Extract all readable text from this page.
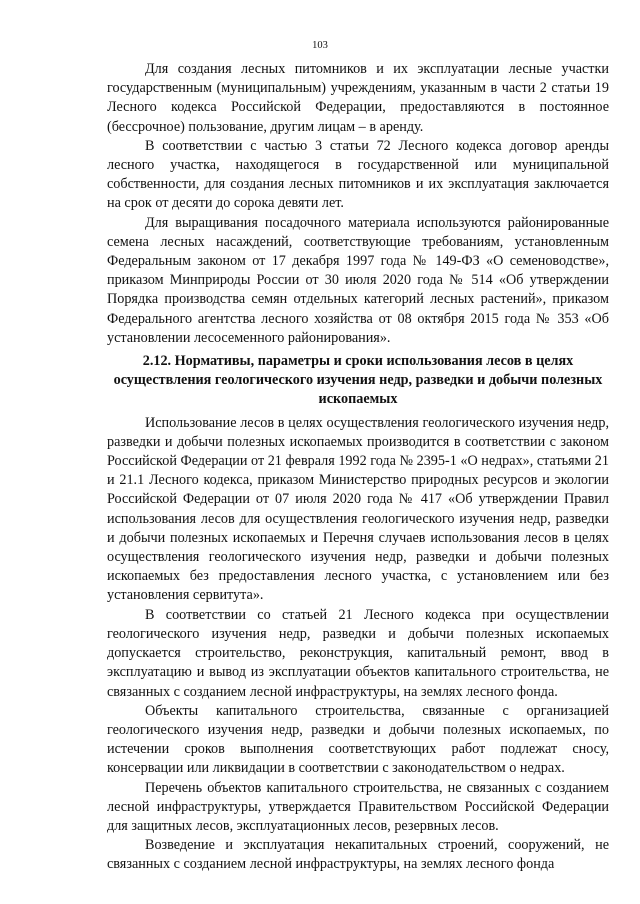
103

Для создания лесных питомников и их эксплуатации лесные участки государственным (муниципальным) учреждениям, указанным в части 2 статьи 19 Лесного кодекса Российской Федерации, предоставляются в постоянное (бессрочное) пользование, другим лицам – в аренду.

В соответствии с частью 3 статьи 72 Лесного кодекса договор аренды лесного участка, находящегося в государственной или муниципальной собственности, для создания лесных питомников и их эксплуатация заключается на срок от десяти до сорока девяти лет.

Для выращивания посадочного материала используются районированные семена лесных насаждений, соответствующие требованиям, установленным Федеральным законом от 17 декабря 1997 года № 149-ФЗ «О семеноводстве», приказом Минприроды России от 30 июля 2020 года № 514 «Об утверждении Порядка производства семян отдельных категорий лесных растений», приказом Федерального агентства лесного хозяйства от 08 октября 2015 года № 353 «Об установлении лесосеменного районирования».

2.12. Нормативы, параметры и сроки использования лесов в целях осуществления геологического изучения недр, разведки и добычи полезных ископаемых

Использование лесов в целях осуществления геологического изучения недр, разведки и добычи полезных ископаемых производится в соответствии с законом Российской Федерации от 21 февраля 1992 года № 2395-1 «О недрах», статьями 21 и 21.1 Лесного кодекса, приказом Министерство природных ресурсов и экологии Российской Федерации от 07 июля 2020 года № 417 «Об утверждении Правил использования лесов для осуществления геологического изучения недр, разведки и добычи полезных ископаемых и Перечня случаев использования лесов в целях осуществления геологического изучения недр, разведки и добычи полезных ископаемых без предоставления лесного участка, с установлением или без установления сервитута».

В соответствии со статьей 21 Лесного кодекса при осуществлении геологического изучения недр, разведки и добычи полезных ископаемых допускается строительство, реконструкция, капитальный ремонт, ввод в эксплуатацию и вывод из эксплуатации объектов капитального строительства, не связанных с созданием лесной инфраструктуры, на землях лесного фонда.

Объекты капитального строительства, связанные с организацией геологического изучения недр, разведки и добычи полезных ископаемых, по истечении сроков выполнения соответствующих работ подлежат сносу, консервации или ликвидации в соответствии с законодательством о недрах.

Перечень объектов капитального строительства, не связанных с созданием лесной инфраструктуры, утверждается Правительством Российской Федерации для защитных лесов, эксплуатационных лесов, резервных лесов.

Возведение и эксплуатация некапитальных строений, сооружений, не связанных с созданием лесной инфраструктуры, на землях лесного фонда
